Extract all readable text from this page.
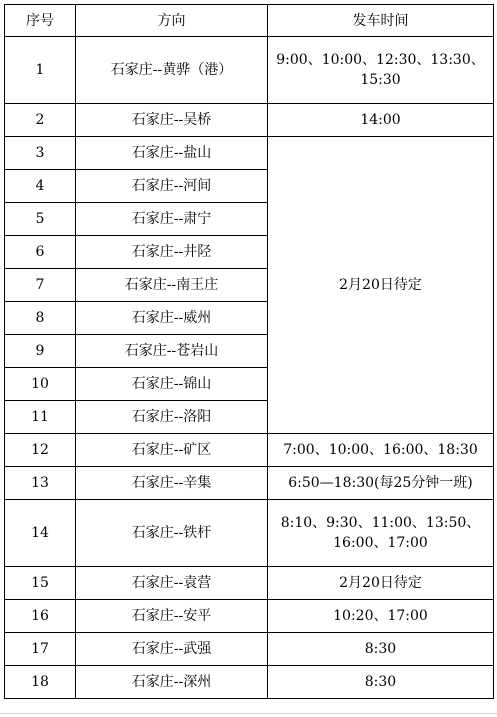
序号	方向	发车时间
1	石家庄--黄骅（港）	9:00、10:00、12:30、13:30、15:30
2	石家庄--吴桥	14:00
3	石家庄--盐山	2月20日待定
4	石家庄--河间	
5	石家庄--肃宁	
6	石家庄--井陉	
7	石家庄--南王庄	
8	石家庄--威州	
9	石家庄--苍岩山	
10	石家庄--锦山	
11	石家庄--洛阳	
12	石家庄--矿区	7:00、10:00、16:00、18:30
13	石家庄--辛集	6:50—18:30(每25分钟一班)
14	石家庄--铁杆	8:10、9:30、11:00、13:50、16:00、17:00
15	石家庄--袁营	2月20日待定
16	石家庄--安平	10:20、17:00
17	石家庄--武强	8:30
18	石家庄--深州	8:30
